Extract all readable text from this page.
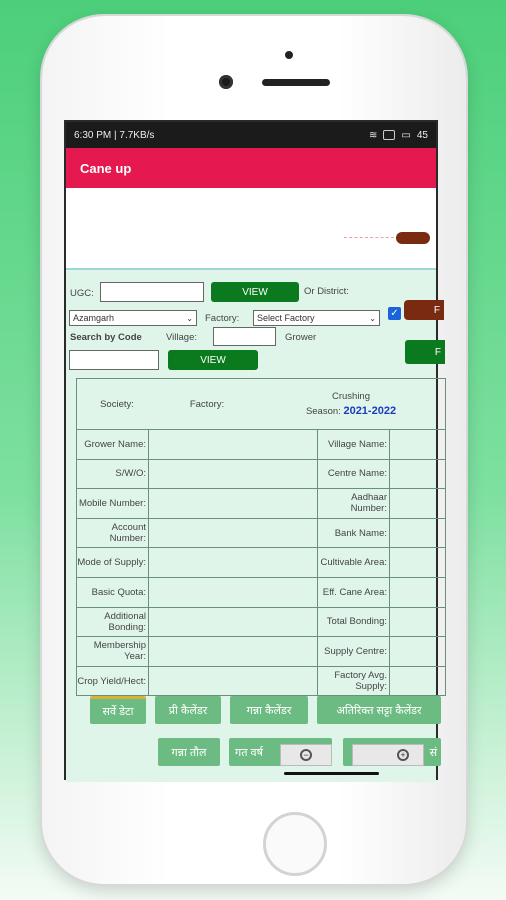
6:30 PM | 7.7KB/s	≋ ▭ 45
Cane up
UGC:	VIEW	Or District:
Azamgarh	⌄ Factory: Select Factory	⌄ ✓	F
Search by Code	Village:	Grower
VIEW
F
Society:	Factory:
Crushing
Season: 2021-2022
Grower Name:	Village Name:
S/W/O:	Centre Name:
Mobile Number:	Aadhaar Number:
Account Number:	Bank Name:
Mode of Supply:	Cultivable Area:
Basic Quota:	Eff. Cane Area:
Additional Bonding:	Total Bonding:
Membership Year:	Supply Centre:
Crop Yield/Hect:	Factory Avg. Supply:
सर्वे डेटा	प्री कैलेंडर	गन्ना कैलेंडर	अतिरिक्त सट्टा कैलेंडर
गन्ना तौल	गत वर्ष	सं
−	+
